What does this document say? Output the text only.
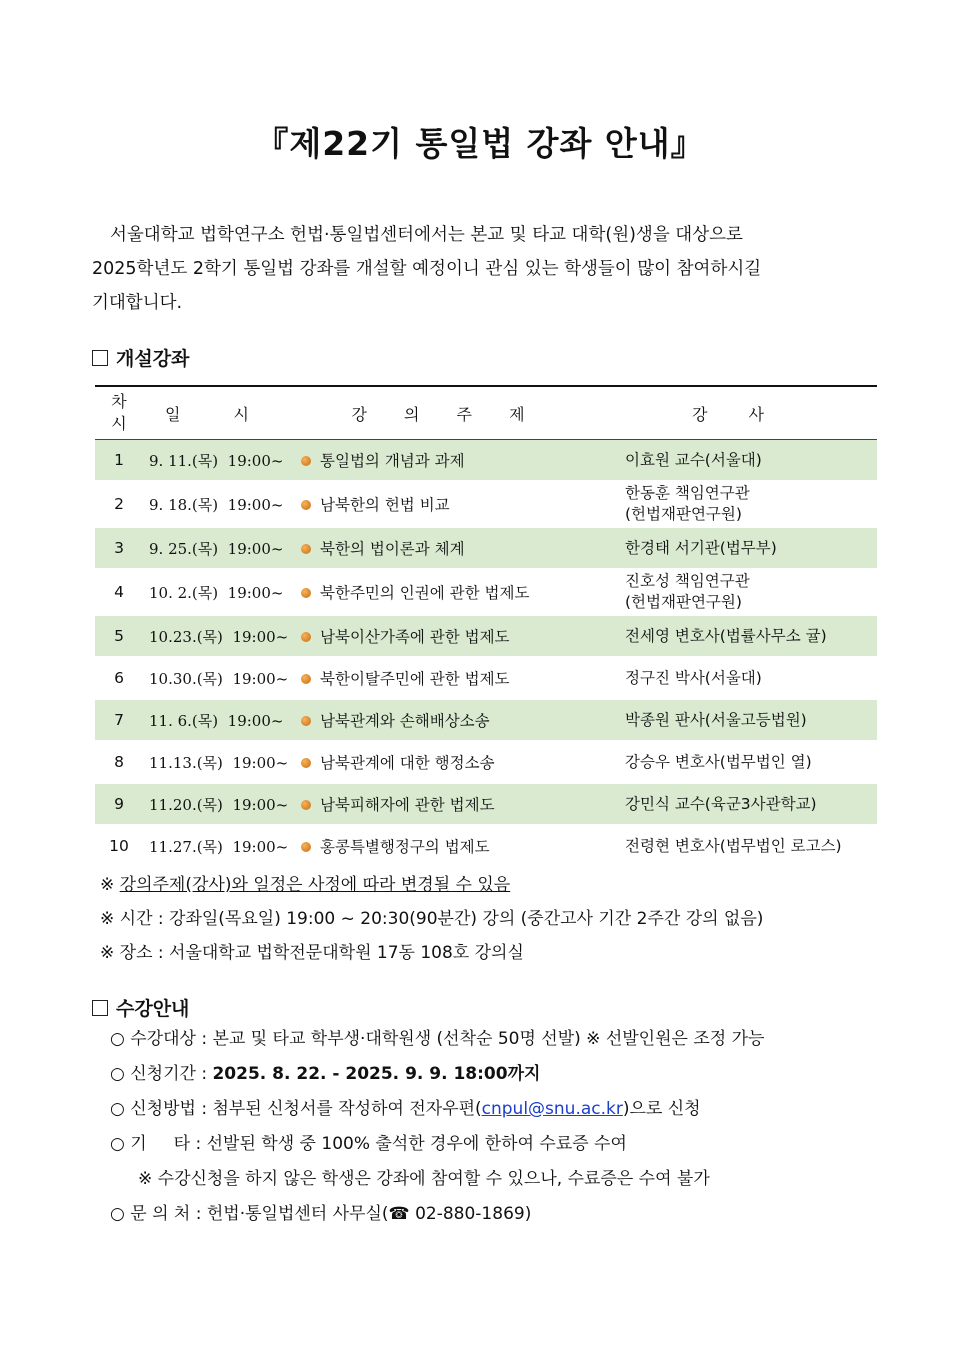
『제22기 통일법 강좌 안내』
서울대학교 법학연구소 헌법·통일법센터에서는 본교 및 타교 대학(원)생을 대상으로
2025학년도 2학기 통일법 강좌를 개설할 예정이니 관심 있는 학생들이 많이 참여하시길
기대합니다.
개설강좌
차시	일 시	강 의 주 제	강 사
1	9. 11.(목)  19:00~	통일법의 개념과 과제	이효원 교수(서울대)
2	9. 18.(목)  19:00~	남북한의 헌법 비교	한동훈 책임연구관
(헌법재판연구원)
3	9. 25.(목)  19:00~	북한의 법이론과 체계	한경태 서기관(법무부)
4	10. 2.(목)  19:00~	북한주민의 인권에 관한 법제도	진호성 책임연구관
(헌법재판연구원)
5	10.23.(목)  19:00~	남북이산가족에 관한 법제도	전세영 변호사(법률사무소 귤)
6	10.30.(목)  19:00~	북한이탈주민에 관한 법제도	정구진 박사(서울대)
7	11. 6.(목)  19:00~	남북관계와 손해배상소송	박종원 판사(서울고등법원)
8	11.13.(목)  19:00~	남북관계에 대한 행정소송	강승우 변호사(법무법인 열)
9	11.20.(목)  19:00~	남북피해자에 관한 법제도	강민식 교수(육군3사관학교)
10	11.27.(목)  19:00~	홍콩특별행정구의 법제도	전령현 변호사(법무법인 로고스)
※ 강의주제(강사)와 일정은 사정에 따라 변경될 수 있음
※ 시간 : 강좌일(목요일) 19:00 ~ 20:30(90분간) 강의 (중간고사 기간 2주간 강의 없음)
※ 장소 : 서울대학교 법학전문대학원 17동 108호 강의실
수강안내
○ 수강대상 : 본교 및 타교 학부생·대학원생 (선착순 50명 선발) ※ 선발인원은 조정 가능
○ 신청기간 : 2025. 8. 22. - 2025. 9. 9. 18:00까지
○ 신청방법 : 첨부된 신청서를 작성하여 전자우편(cnpul@snu.ac.kr)으로 신청
○ 기     타 : 선발된 학생 중 100% 출석한 경우에 한하여 수료증 수여
※ 수강신청을 하지 않은 학생은 강좌에 참여할 수 있으나, 수료증은 수여 불가
○ 문 의 처 : 헌법·통일법센터 사무실(☎ 02-880-1869)
